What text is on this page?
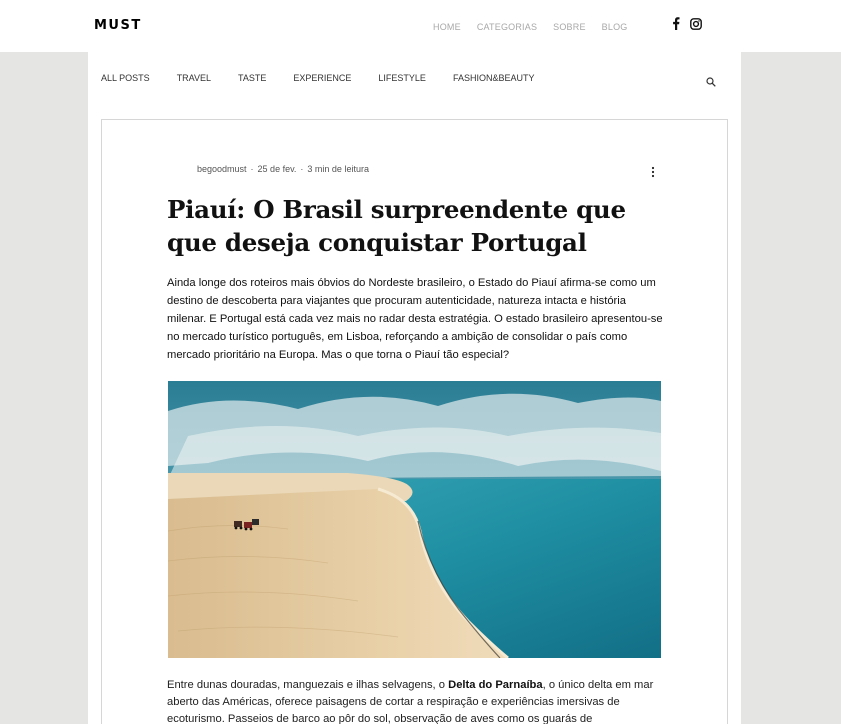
MUST	HOME CATEGORIAS SOBRE BLOG
ALL POSTS	TRAVEL	TASTE	EXPERIENCE	LIFESTYLE	FASHION&BEAUTY
begoodmust · 25 de fev. · 3 min de leitura
Piauí: O Brasil surpreendente que que deseja conquistar Portugal

Ainda longe dos roteiros mais óbvios do Nordeste brasileiro, o Estado do Piauí afirma-se como um destino de descoberta para viajantes que procuram autenticidade, natureza intacta e história milenar. E Portugal está cada vez mais no radar desta estratégia. O estado brasileiro apresentou-se no mercado turístico português, em Lisboa, reforçando a ambição de consolidar o país como mercado prioritário na Europa. Mas o que torna o Piauí tão especial?

Entre dunas douradas, manguezais e ilhas selvagens, o Delta do Parnaíba, o único delta em mar aberto das Américas, oferece paisagens de cortar a respiração e experiências imersivas de ecoturismo. Passeios de barco ao pôr do sol, observação de aves como os guarás de
